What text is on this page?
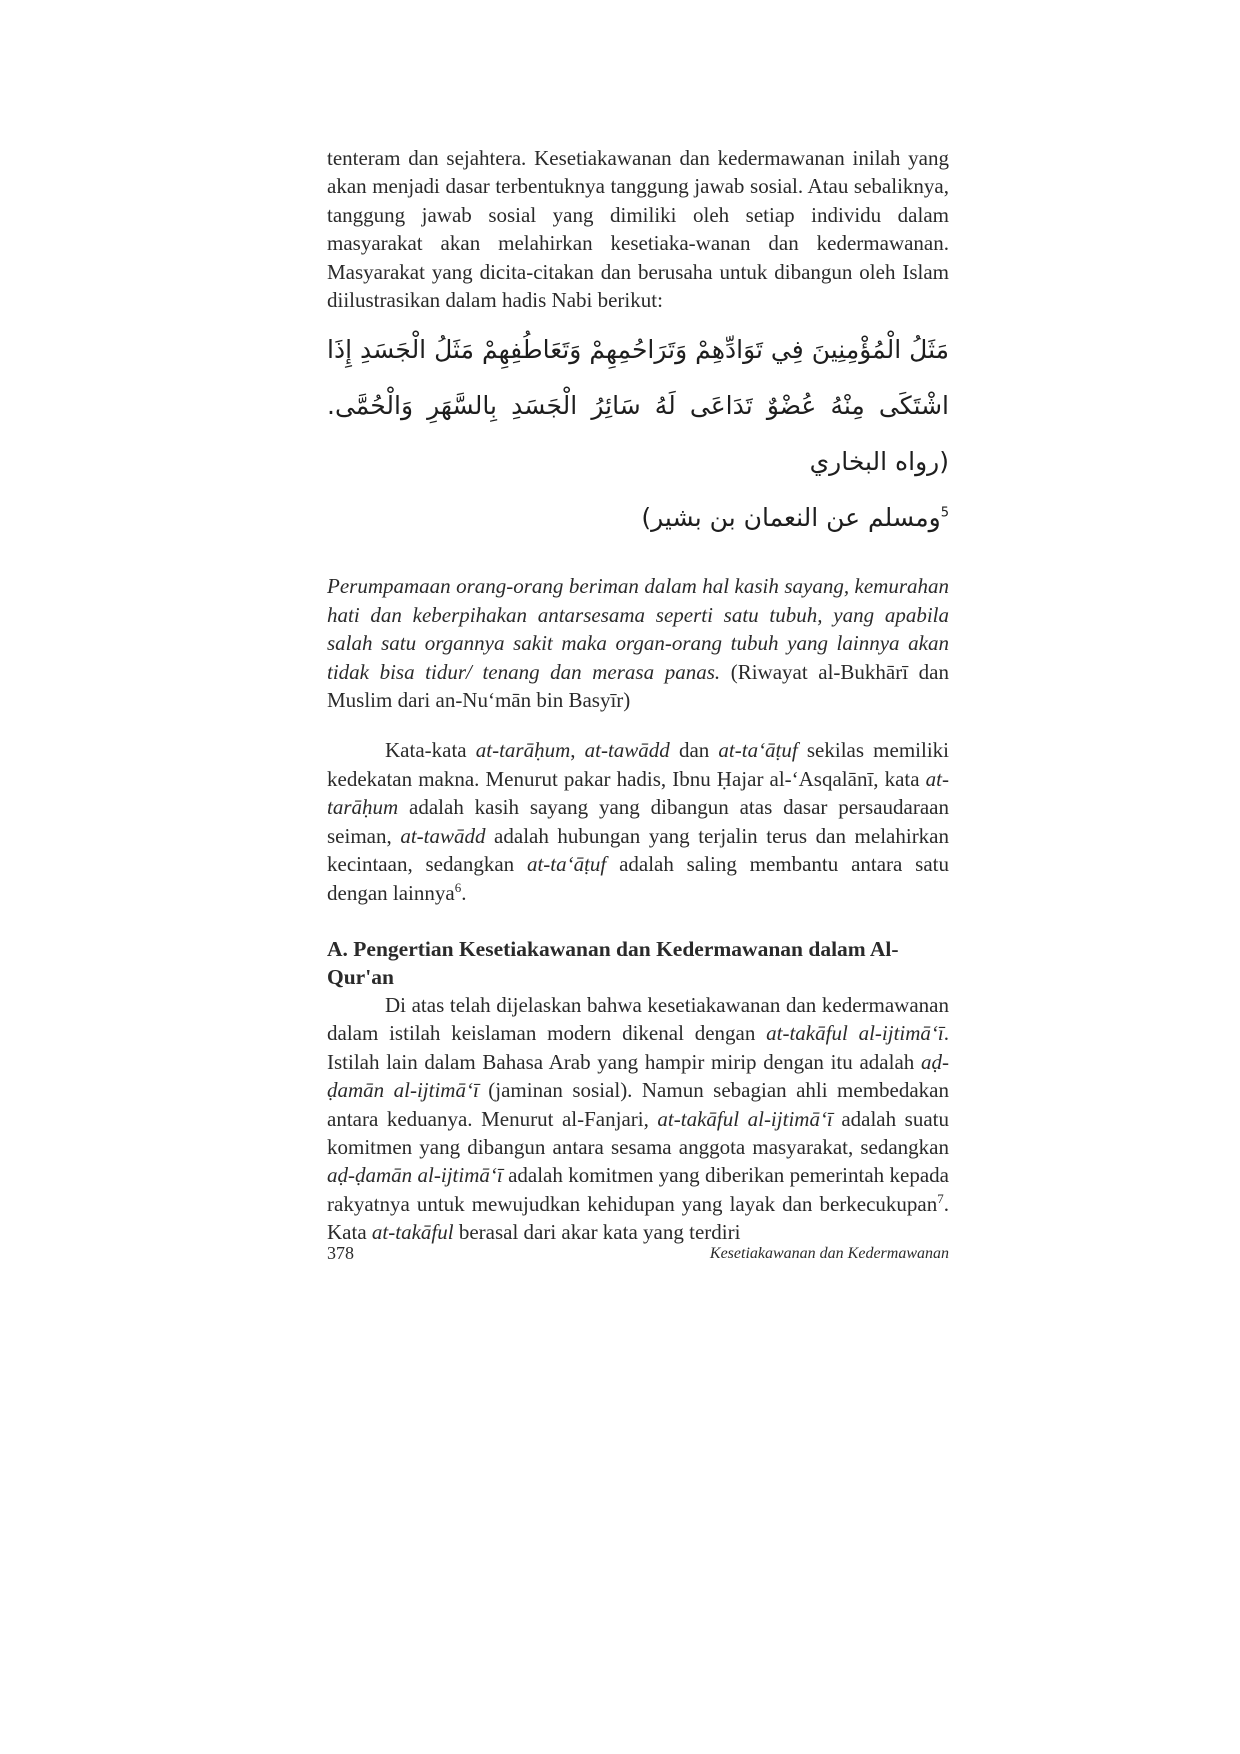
tenteram dan sejahtera. Kesetiakawanan dan kedermawanan inilah yang akan menjadi dasar terbentuknya tanggung jawab sosial. Atau sebaliknya, tanggung jawab sosial yang dimiliki oleh setiap individu dalam masyarakat akan melahirkan kesetiaka-wanan dan kedermawanan. Masyarakat yang dicita-citakan dan berusaha untuk dibangun oleh Islam diilustrasikan dalam hadis Nabi berikut:

مَثَلُ الْمُؤْمِنِينَ فِي تَوَادِّهِمْ وَتَرَاحُمِهِمْ وَتَعَاطُفِهِمْ مَثَلُ الْجَسَدِ إِذَا اشْتَكَى مِنْهُ عُضْوٌ تَدَاعَى لَهُ سَائِرُ الْجَسَدِ بِالسَّهَرِ وَالْحُمَّى. (رواه البخاري

$^5$ومسلم عن النعمان بن بشير)

Perumpamaan orang-orang beriman dalam hal kasih sayang, kemurahan hati dan keberpihakan antarsesama seperti satu tubuh, yang apabila salah satu organnya sakit maka organ-orang tubuh yang lainnya akan tidak bisa tidur/ tenang dan merasa panas. (Riwayat al-Bukhārī dan Muslim dari an-Nu‘mān bin Basyīr)

Kata-kata at-tarāḥum, at-tawādd dan at-ta‘āṭuf sekilas memiliki kedekatan makna. Menurut pakar hadis, Ibnu Ḥajar al-‘Asqalānī, kata at-tarāḥum adalah kasih sayang yang dibangun atas dasar persaudaraan seiman, at-tawādd adalah hubungan yang terjalin terus dan melahirkan kecintaan, sedangkan at-ta‘āṭuf adalah saling membantu antara satu dengan lainnya$^6$.

A. Pengertian Kesetiakawanan dan Kedermawanan dalam Al-Qur'an

Di atas telah dijelaskan bahwa kesetiakawanan dan kedermawanan dalam istilah keislaman modern dikenal dengan at-takāful al-ijtimā‘ī. Istilah lain dalam Bahasa Arab yang hampir mirip dengan itu adalah aḍ-ḍamān al-ijtimā‘ī (jaminan sosial). Namun sebagian ahli membedakan antara keduanya. Menurut al-Fanjari, at-takāful al-ijtimā‘ī adalah suatu komitmen yang dibangun antara sesama anggota masyarakat, sedangkan aḍ-ḍamān al-ijtimā‘ī adalah komitmen yang diberikan pemerintah kepada rakyatnya untuk mewujudkan kehidupan yang layak dan berkecukupan$^7$. Kata at-takāful berasal dari akar kata yang terdiri

378	Kesetiakawanan dan Kedermawanan
